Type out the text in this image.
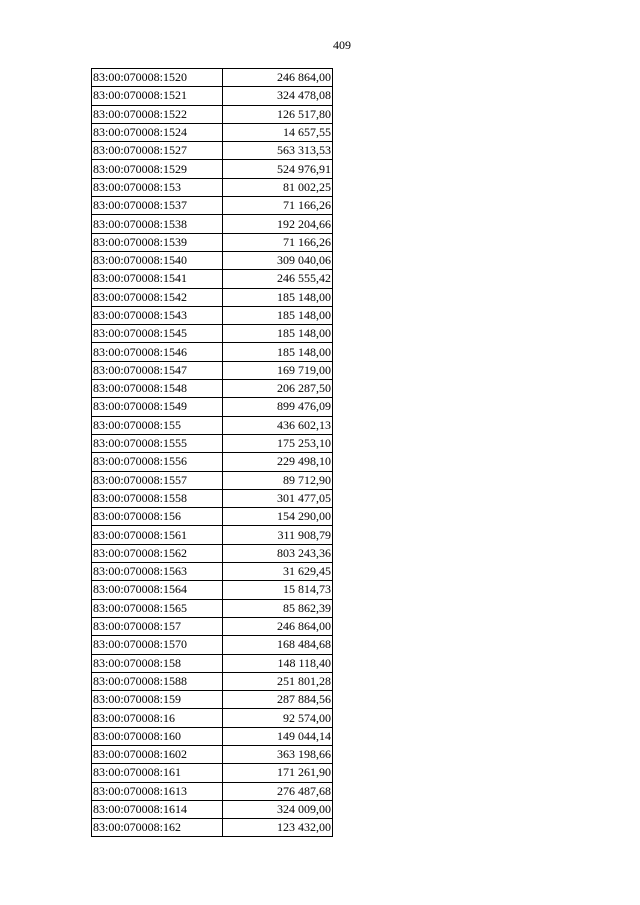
409
83:00:070008:1520	246 864,00
83:00:070008:1521	324 478,08
83:00:070008:1522	126 517,80
83:00:070008:1524	14 657,55
83:00:070008:1527	563 313,53
83:00:070008:1529	524 976,91
83:00:070008:153	81 002,25
83:00:070008:1537	71 166,26
83:00:070008:1538	192 204,66
83:00:070008:1539	71 166,26
83:00:070008:1540	309 040,06
83:00:070008:1541	246 555,42
83:00:070008:1542	185 148,00
83:00:070008:1543	185 148,00
83:00:070008:1545	185 148,00
83:00:070008:1546	185 148,00
83:00:070008:1547	169 719,00
83:00:070008:1548	206 287,50
83:00:070008:1549	899 476,09
83:00:070008:155	436 602,13
83:00:070008:1555	175 253,10
83:00:070008:1556	229 498,10
83:00:070008:1557	89 712,90
83:00:070008:1558	301 477,05
83:00:070008:156	154 290,00
83:00:070008:1561	311 908,79
83:00:070008:1562	803 243,36
83:00:070008:1563	31 629,45
83:00:070008:1564	15 814,73
83:00:070008:1565	85 862,39
83:00:070008:157	246 864,00
83:00:070008:1570	168 484,68
83:00:070008:158	148 118,40
83:00:070008:1588	251 801,28
83:00:070008:159	287 884,56
83:00:070008:16	92 574,00
83:00:070008:160	149 044,14
83:00:070008:1602	363 198,66
83:00:070008:161	171 261,90
83:00:070008:1613	276 487,68
83:00:070008:1614	324 009,00
83:00:070008:162	123 432,00
